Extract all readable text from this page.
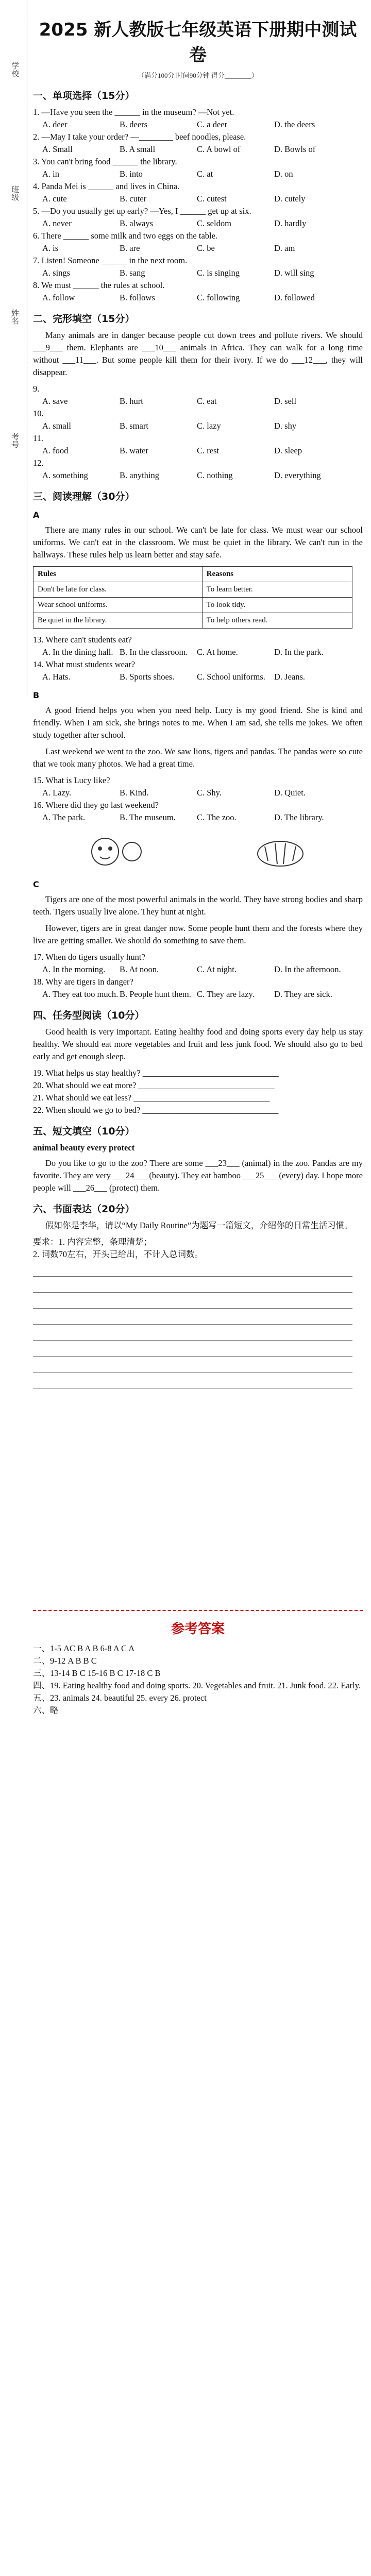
学校
班级
姓名
考号
2025 新人教版七年级英语下册期中测试卷
（满分100分 时间90分钟 得分________）
一、单项选择（15分）

1. —Have you seen the ______ in the museum? —Not yet.

A. deer	B. deers	C. a deer	D. the deers

2. —May I take your order? —________ beef noodles, please.

A. Small	B. A small	C. A bowl of	D. Bowls of

3. You can't bring food ______ the library.

A. in	B. into	C. at	D. on

4. Panda Mei is ______ and lives in China.

A. cute	B. cuter	C. cutest	D. cutely

5. —Do you usually get up early? —Yes, I ______ get up at six.

A. never	B. always	C. seldom	D. hardly

6. There ______ some milk and two eggs on the table.

A. is	B. are	C. be	D. am

7. Listen! Someone ______ in the next room.

A. sings	B. sang	C. is singing	D. will sing

8. We must ______ the rules at school.

A. follow	B. follows	C. following	D. followed
二、完形填空（15分）

Many animals are in danger because people cut down trees and pollute rivers. We should ___9___ them. Elephants are ___10___ animals in Africa. They can walk for a long time without ___11___. But some people kill them for their ivory. If we do ___12___, they will disappear.

9.

A. save	B. hurt	C. eat	D. sell

10.

A. small	B. smart	C. lazy	D. shy

11.

A. food	B. water	C. rest	D. sleep

12.

A. something	B. anything	C. nothing	D. everything
三、阅读理解（30分）
A

There are many rules in our school. We can't be late for class. We must wear our school uniforms. We can't eat in the classroom. We must be quiet in the library. We can't run in the hallways. These rules help us learn better and stay safe.

Rules	Reasons
Don't be late for class.	To learn better.
Wear school uniforms.	To look tidy.
Be quiet in the library.	To help others read.

13. Where can't students eat?

A. In the dining hall. B. In the classroom.	C. At home.	D. In the park.

14. What must students wear?

A. Hats.	B. Sports shoes.	C. School uniforms.	D. Jeans.
B

A good friend helps you when you need help. Lucy is my good friend. She is kind and friendly. When I am sick, she brings notes to me. When I am sad, she tells me jokes. We often study together after school.

Last weekend we went to the zoo. We saw lions, tigers and pandas. The pandas were so cute that we took many photos. We had a great time.

15. What is Lucy like?

A. Lazy.	B. Kind.	C. Shy.	D. Quiet.

16. Where did they go last weekend?

A. The park.	B. The museum.	C. The zoo.	D. The library.
C

Tigers are one of the most powerful animals in the world. They have strong bodies and sharp teeth. Tigers usually live alone. They hunt at night.

However, tigers are in great danger now. Some people hunt them and the forests where they live are getting smaller. We should do something to save them.

17. When do tigers usually hunt?

A. In the morning.	B. At noon.	C. At night.	D. In the afternoon.

18. Why are tigers in danger?

A. They eat too much. B. People hunt them. C. They are lazy.	D. They are sick.
四、任务型阅读（10分）

Good health is very important. Eating healthy food and doing sports every day help us stay healthy. We should eat more vegetables and fruit and less junk food. We should also go to bed early and get enough sleep.

19. What helps us stay healthy? ________________________________

20. What should we eat more? ________________________________

21. What should we eat less? ________________________________

22. When should we go to bed? ________________________________

五、短文填空（10分）

animal beauty every protect

Do you like to go to the zoo? There are some ___23___ (animal) in the zoo. Pandas are my favorite. They are very ___24___ (beauty). They eat bamboo ___25___ (every) day. I hope more people will ___26___ (protect) them.

六、书面表达（20分）

假如你是李华，请以“My Daily Routine”为题写一篇短文，介绍你的日常生活习惯。

要求：1. 内容完整，条理清楚；

2. 词数70左右，开头已给出，不计入总词数。

参考答案

一、1-5 AC B A B 6-8 A C A

二、9-12 A B B C

三、13-14 B C 15-16 B C 17-18 C B

四、19. Eating healthy food and doing sports. 20. Vegetables and fruit. 21. Junk food. 22. Early.

五、23. animals 24. beautiful 25. every 26. protect

六、略
